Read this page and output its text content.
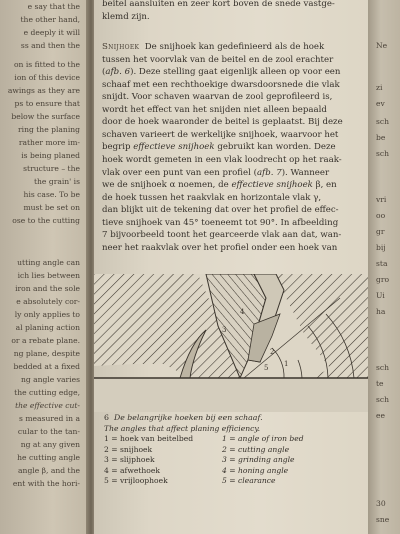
e say that the
the other hand,
e deeply it will
ss and then the
on is fitted to the
ion of this device
awings as they are
ps to ensure that
below the surface
ring the planing
rather more im-
is being planed
structure – the
the grain' is
his case. To be
must be set on
ose to the cutting
utting angle can
ich lies between
iron and the sole
e absolutely cor-
ly only applies to
al planing action
or a rebate plane.
ng plane, despite
bedded at a fixed
ng angle varies
the cutting edge,
the effective cut-
s measured in a
cular to the tan-
ng at any given
he cutting angle
angle β, and the
ent with the hori-

beitel aansluiten en zeer kort boven de snede vastge-

klemd zijn.

Snijhoek De snijhoek kan gedefinieerd als de hoek

tussen het voorvlak van de beitel en de zool erachter

(afb. 6). Deze stelling gaat eigenlijk alleen op voor een

schaaf met een rechthoekige dwarsdoorsnede die vlak

snijdt. Voor schaven waarvan de zool geprofileerd is,

wordt het effect van het snijden niet alleen bepaald

door de hoek waaronder de beitel is geplaatst. Bij deze

schaven varieert de werkelijke snijhoek, waarvoor het

begrip effectieve snijhoek gebruikt kan worden. Deze

hoek wordt gemeten in een vlak loodrecht op het raak-

vlak over een punt van een profiel (afb. 7). Wanneer

we de snijhoek α noemen, de effectieve snijhoek β, en

de hoek tussen het raakvlak en horizontale vlak γ,

dan blijkt uit de tekening dat over het profiel de effec-

tieve snijhoek van 45° toeneemt tot 90°. In afbeelding

7 bijvoorbeeld toont het gearceerde vlak aan dat, wan-

neer het raakvlak over het profiel onder een hoek van

3
4
2
5 1
6 De belangrijke hoeken bij een schaaf.
The angles that affect planing efficiency.
1 = hoek van beitelbed	1 = angle of iron bed
2 = snijhoek	2 = cutting angle
3 = slijphoek	3 = grinding angle
4 = afwethoek	4 = honing angle
5 = vrijloophoek	5 = clearance
Ne
zi
ev
sch
be
sch
vri
oo
gr
bij
sta
gro
Ui
ha
sch
te
sch
ee
30
sne
